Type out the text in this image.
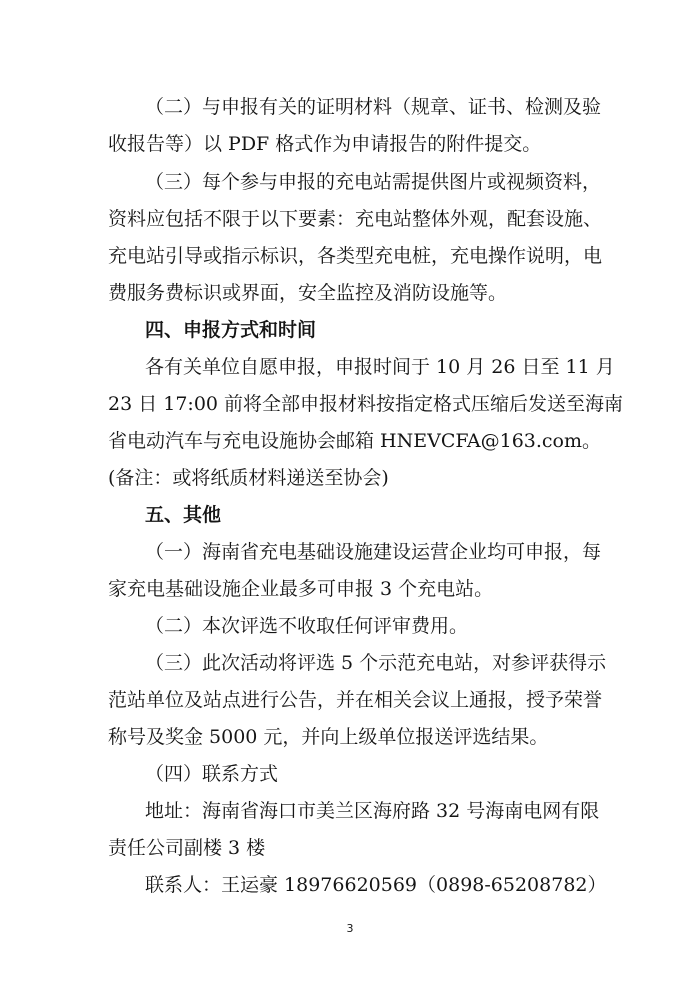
（二）与申报有关的证明材料（规章、证书、检测及验
收报告等）以 PDF 格式作为申请报告的附件提交。
（三）每个参与申报的充电站需提供图片或视频资料，
资料应包括不限于以下要素：充电站整体外观，配套设施、
充电站引导或指示标识，各类型充电桩，充电操作说明，电
费服务费标识或界面，安全监控及消防设施等。
四、申报方式和时间
各有关单位自愿申报，申报时间于 10 月 26 日至 11 月
23 日 17:00 前将全部申报材料按指定格式压缩后发送至海南
省电动汽车与充电设施协会邮箱 HNEVCFA@163.com。
(备注：或将纸质材料递送至协会)
五、其他
（一）海南省充电基础设施建设运营企业均可申报，每
家充电基础设施企业最多可申报 3 个充电站。
（二）本次评选不收取任何评审费用。
（三）此次活动将评选 5 个示范充电站，对参评获得示
范站单位及站点进行公告，并在相关会议上通报，授予荣誉
称号及奖金 5000 元，并向上级单位报送评选结果。
（四）联系方式
地址：海南省海口市美兰区海府路 32 号海南电网有限
责任公司副楼 3 楼
联系人：王运豪 18976620569（0898-65208782）
3
